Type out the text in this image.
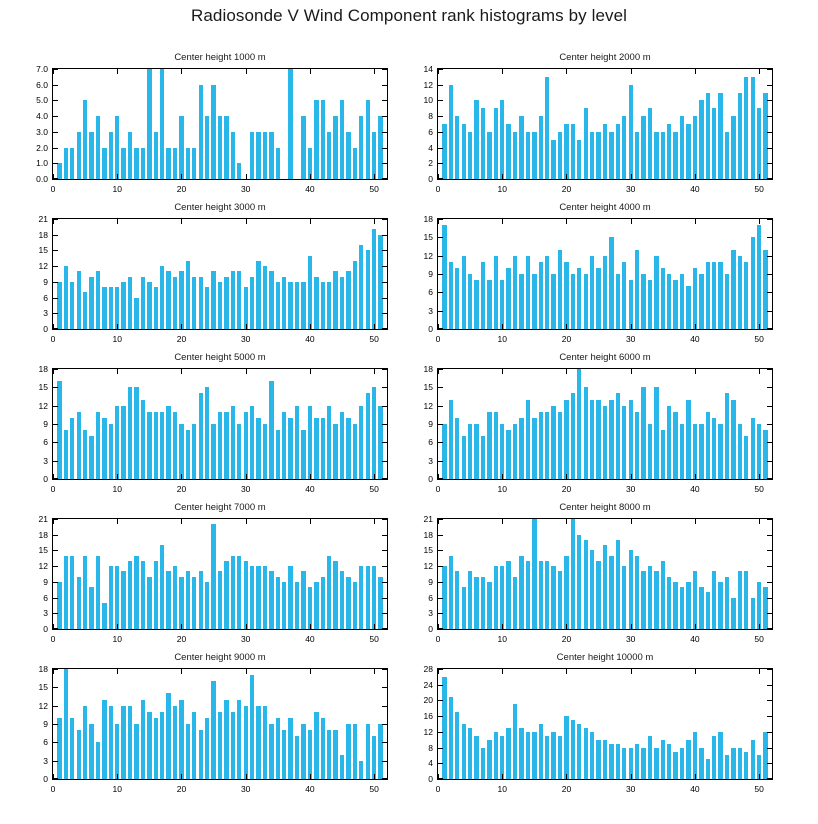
Radiosonde V Wind Component rank histograms by level
Center height 1000 m
0.0
1.0
2.0
3.0
4.0
5.0
6.0
7.0
0	10	20	30	40	50
Center height 2000 m
0
2
4
6
8
10
12
14
0	10	20	30	40	50
Center height 3000 m
0
3
6
9
12
15
18
21
0	10	20	30	40	50
Center height 4000 m
0
3
6
9
12
15
18
0	10	20	30	40	50
Center height 5000 m
0
3
6
9
12
15
18
0	10	20	30	40	50
Center height 6000 m
0
3
6
9
12
15
18
0	10	20	30	40	50
Center height 7000 m
0
3
6
9
12
15
18
21
0	10	20	30	40	50
Center height 8000 m
0
3
6
9
12
15
18
21
0	10	20	30	40	50
Center height 9000 m
0
3
6
9
12
15
18
0	10	20	30	40	50
Center height 10000 m
0
4
8
12
16
20
24
28
0	10	20	30	40	50
